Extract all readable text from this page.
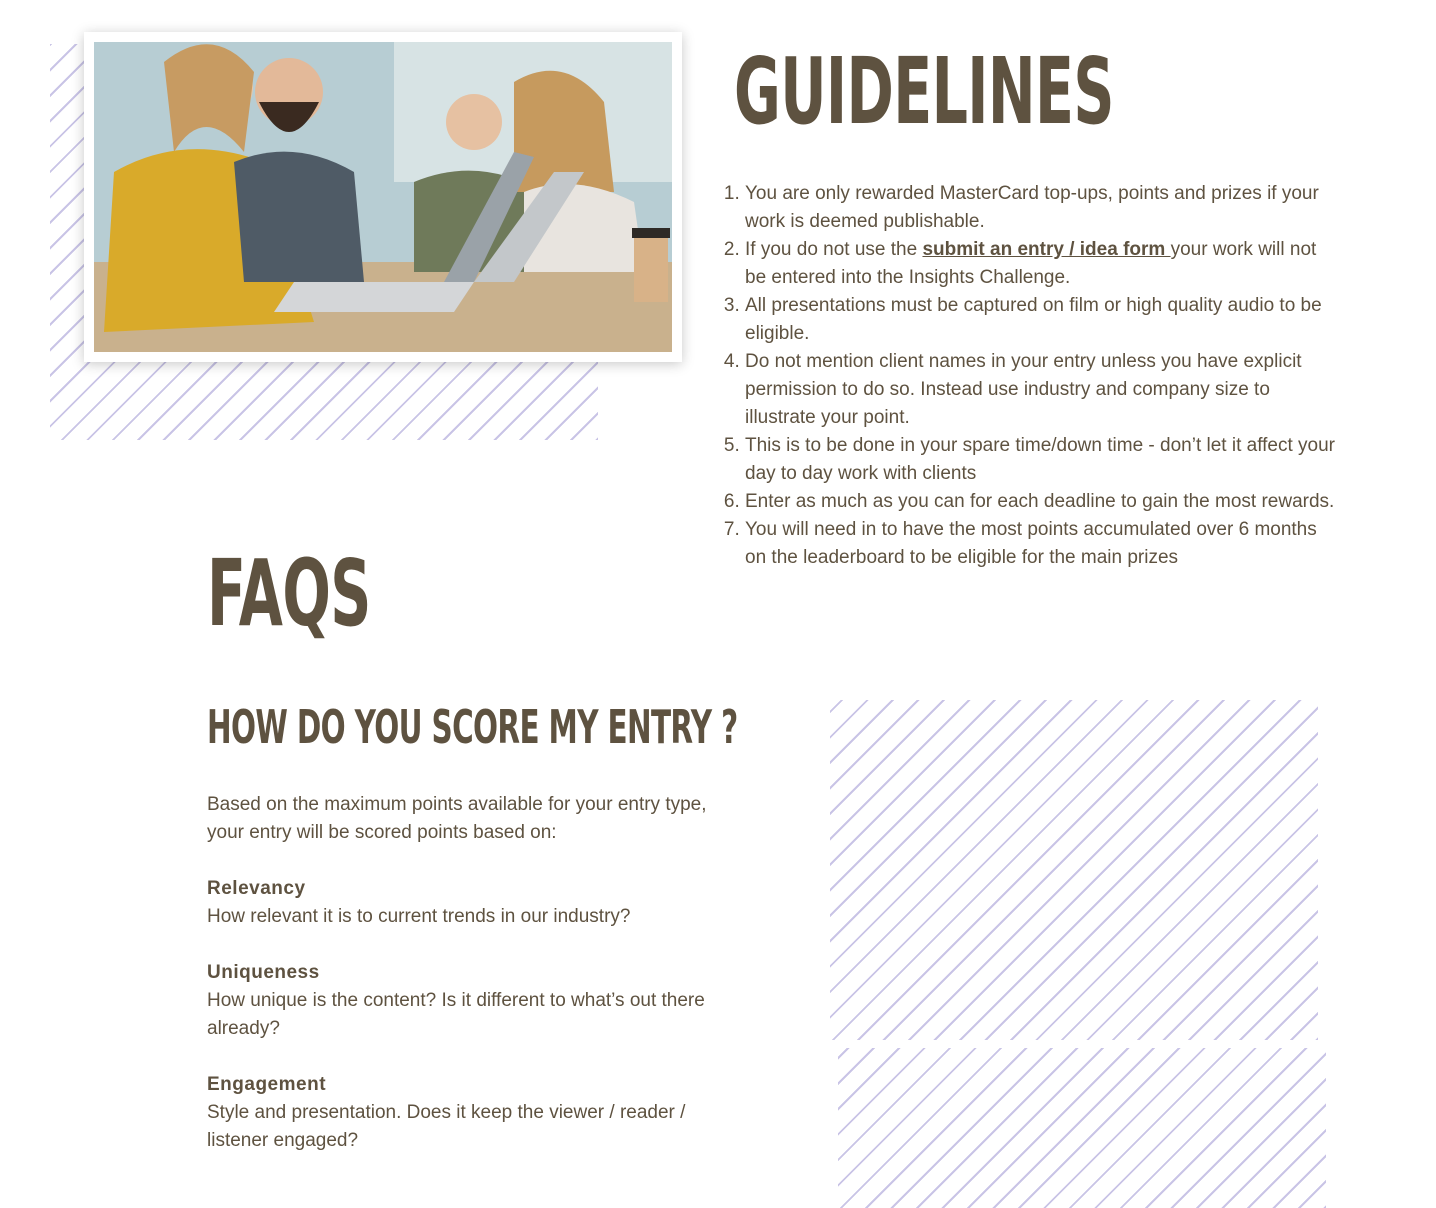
GUIDELINES
1. You are only rewarded MasterCard top-ups, points and prizes if your work is deemed publishable.
2. If you do not use the submit an entry / idea form your work will not be entered into the Insights Challenge.
3. All presentations must be captured on film or high quality audio to be eligible.
4. Do not mention client names in your entry unless you have explicit permission to do so. Instead use industry and company size to illustrate your point.
5. This is to be done in your spare time/down time - don’t let it affect your day to day work with clients
6. Enter as much as you can for each deadline to gain the most rewards.
7. You will need in to have the most points accumulated over 6 months on the leaderboard to be eligible for the main prizes
FAQS
HOW DO YOU SCORE MY ENTRY ?

Based on the maximum points available for your entry type, your entry will be scored points based on:

Relevancy

How relevant it is to current trends in our industry?

Uniqueness

How unique is the content? Is it different to what’s out there already?

Engagement

Style and presentation. Does it keep the viewer / reader / listener engaged?
